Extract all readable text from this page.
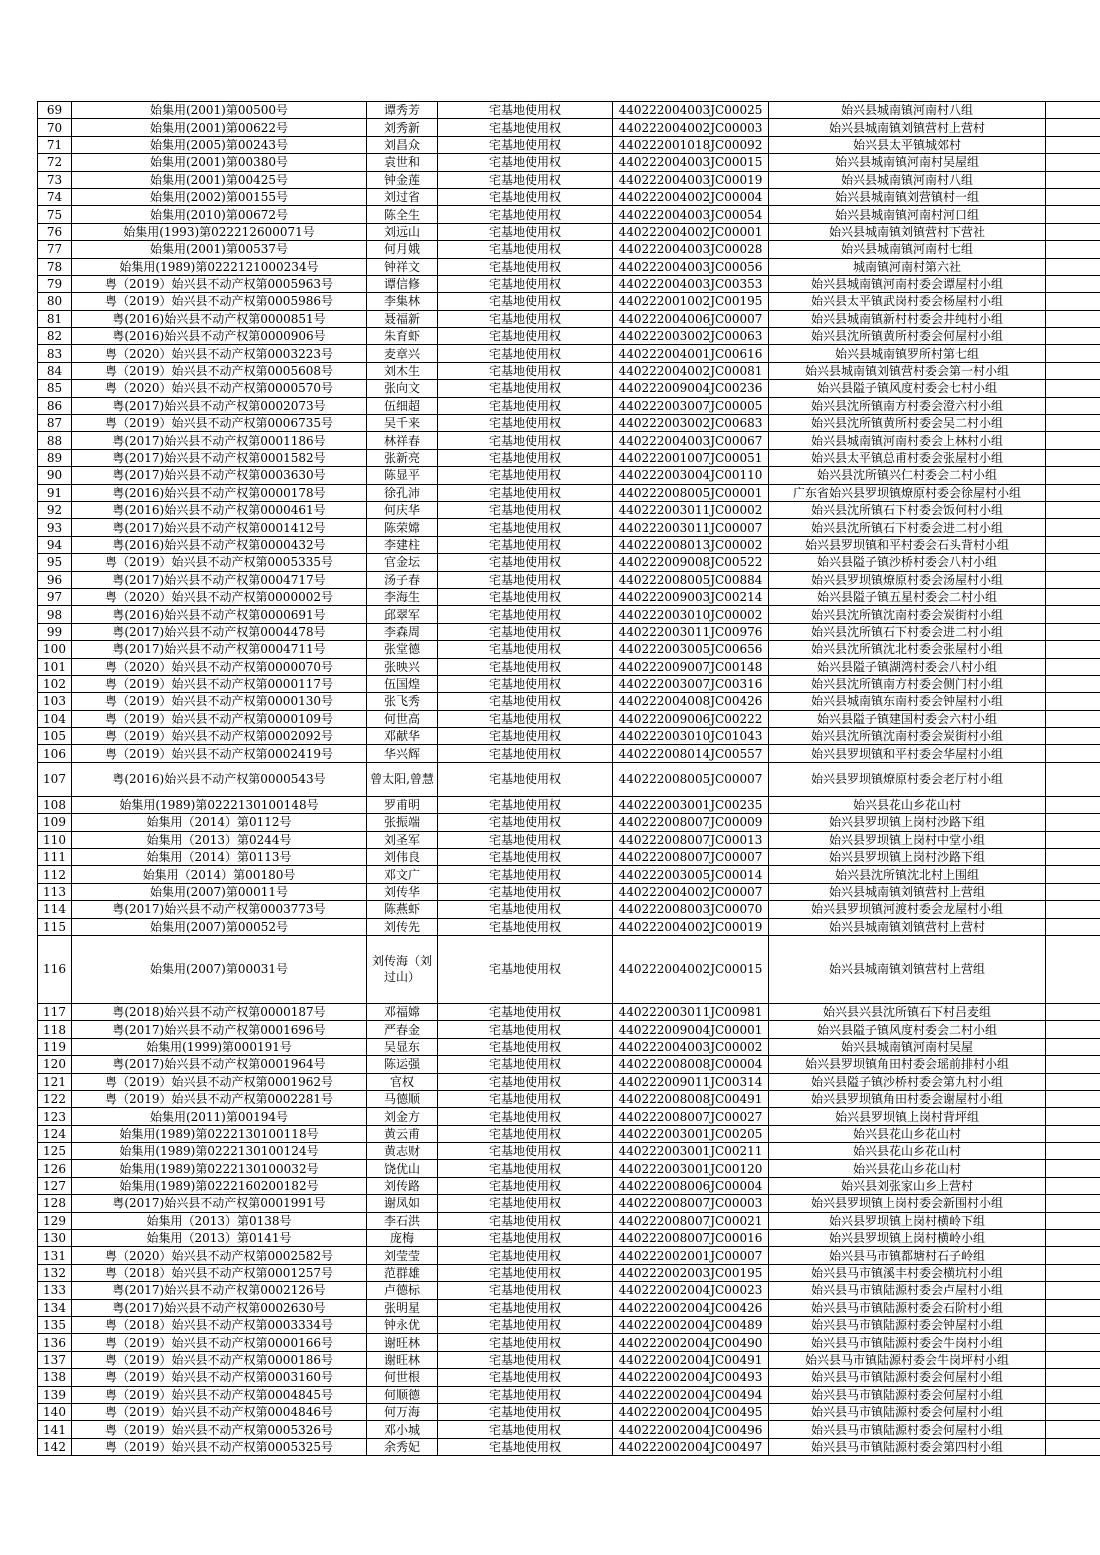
69	始集用(2001)第00500号	谭秀芳	宅基地使用权	440222004003JC00025	始兴县城南镇河南村八组	
70	始集用(2001)第00622号	刘秀新	宅基地使用权	440222004002JC00003	始兴县城南镇刘镇营村上营村	
71	始集用(2005)第00243号	刘昌众	宅基地使用权	440222001018JC00092	始兴县太平镇城郊村	
72	始集用(2001)第00380号	袁世和	宅基地使用权	440222004003JC00015	始兴县城南镇河南村吴屋组	
73	始集用(2001)第00425号	钟金莲	宅基地使用权	440222004003JC00019	始兴县城南镇河南村八组	
74	始集用(2002)第00155号	刘过省	宅基地使用权	440222004002JC00004	始兴县城南镇刘营镇村一组	
75	始集用(2010)第00672号	陈全生	宅基地使用权	440222004003JC00054	始兴县城南镇河南村河口组	
76	始集用(1993)第022212600071号	刘远山	宅基地使用权	440222004002JC00001	始兴县城南镇刘镇营村下营社	
77	始集用(2001)第00537号	何月娥	宅基地使用权	440222004003JC00028	始兴县城南镇河南村七组	
78	始集用(1989)第0222121000234号	钟祥文	宅基地使用权	440222004003JC00056	城南镇河南村第六社	
79	粤（2019）始兴县不动产权第0005963号	谭信修	宅基地使用权	440222004003JC00353	始兴县城南镇河南村委会谭屋村小组	
80	粤（2019）始兴县不动产权第0005986号	李集林	宅基地使用权	440222001002JC00195	始兴县太平镇武岗村委会杨屋村小组	
81	粤(2016)始兴县不动产权第0000851号	聂福新	宅基地使用权	440222004006JC00007	始兴县城南镇新村村委会井纯村小组	
82	粤(2016)始兴县不动产权第0000906号	朱育虾	宅基地使用权	440222003002JC00063	始兴县沈所镇黄所村委会何屋村小组	
83	粤（2020）始兴县不动产权第0003223号	麦章兴	宅基地使用权	440222004001JC00616	始兴县城南镇罗所村第七组	
84	粤（2019）始兴县不动产权第0005608号	刘木生	宅基地使用权	440222004002JC00081	始兴县城南镇刘镇营村委会第一村小组	
85	粤（2020）始兴县不动产权第0000570号	张向文	宅基地使用权	440222009004JC00236	始兴县隘子镇风度村委会七村小组	
86	粤(2017)始兴县不动产权第0002073号	伍细超	宅基地使用权	440222003007JC00005	始兴县沈所镇南方村委会澄六村小组	
87	粤（2019）始兴县不动产权第0006735号	吴千来	宅基地使用权	440222003002JC00683	始兴县沈所镇黄所村委会吴二村小组	
88	粤(2017)始兴县不动产权第0001186号	林祥春	宅基地使用权	440222004003JC00067	始兴县城南镇河南村委会上林村小组	
89	粤(2017)始兴县不动产权第0001582号	张新亮	宅基地使用权	440222001007JC00051	始兴县太平镇总甫村委会张屋村小组	
90	粤(2017)始兴县不动产权第0003630号	陈显平	宅基地使用权	440222003004JC00110	始兴县沈所镇兴仁村委会二村小组	
91	粤(2016)始兴县不动产权第0000178号	徐孔沛	宅基地使用权	440222008005JC00001	广东省始兴县罗坝镇燎原村委会徐屋村小组	
92	粤(2016)始兴县不动产权第0000461号	何庆华	宅基地使用权	440222003011JC00002	始兴县沈所镇石下村委会饭何村小组	
93	粤(2017)始兴县不动产权第0001412号	陈荣嫦	宅基地使用权	440222003011JC00007	始兴县沈所镇石下村委会进二村小组	
94	粤(2016)始兴县不动产权第0000432号	李建柱	宅基地使用权	440222008013JC00002	始兴县罗坝镇和平村委会石头背村小组	
95	粤（2019）始兴县不动产权第0005335号	官金坛	宅基地使用权	440222009008JC00522	始兴县隘子镇沙桥村委会八村小组	
96	粤(2017)始兴县不动产权第0004717号	汤子春	宅基地使用权	440222008005JC00884	始兴县罗坝镇燎原村委会汤屋村小组	
97	粤（2020）始兴县不动产权第0000002号	李海生	宅基地使用权	440222009003JC00214	始兴县隘子镇五星村委会二村小组	
98	粤(2016)始兴县不动产权第0000691号	邱翠军	宅基地使用权	440222003010JC00002	始兴县沈所镇沈南村委会炭街村小组	
99	粤(2017)始兴县不动产权第0004478号	李森周	宅基地使用权	440222003011JC00976	始兴县沈所镇石下村委会进二村小组	
100	粤(2017)始兴县不动产权第0004711号	张堂德	宅基地使用权	440222003005JC00656	始兴县沈所镇沈北村委会张屋村小组	
101	粤（2020）始兴县不动产权第0000070号	张映兴	宅基地使用权	440222009007JC00148	始兴县隘子镇湖湾村委会八村小组	
102	粤（2019）始兴县不动产权第0000117号	伍国煌	宅基地使用权	440222003007JC00316	始兴县沈所镇南方村委会侧门村小组	
103	粤（2019）始兴县不动产权第0000130号	张飞秀	宅基地使用权	440222004008JC00426	始兴县城南镇东南村委会钟屋村小组	
104	粤（2019）始兴县不动产权第0000109号	何世高	宅基地使用权	440222009006JC00222	始兴县隘子镇建国村委会六村小组	
105	粤（2019）始兴县不动产权第0002092号	邓献华	宅基地使用权	440222003010JC01043	始兴县沈所镇沈南村委会炭街村小组	
106	粤（2019）始兴县不动产权第0002419号	华兴辉	宅基地使用权	440222008014JC00557	始兴县罗坝镇和平村委会华屋村小组	
107	粤(2016)始兴县不动产权第0000543号	曾太阳,曾慧	宅基地使用权	440222008005JC00007	始兴县罗坝镇燎原村委会老厅村小组	
108	始集用(1989)第0222130100148号	罗甫明	宅基地使用权	440222003001JC00235	始兴县花山乡花山村	
109	始集用（2014）第0112号	张振端	宅基地使用权	440222008007JC00009	始兴县罗坝镇上岗村沙路下组	
110	始集用（2013）第0244号	刘圣军	宅基地使用权	440222008007JC00013	始兴县罗坝镇上岗村中堂小组	
111	始集用（2014）第0113号	刘伟良	宅基地使用权	440222008007JC00007	始兴县罗坝镇上岗村沙路下组	
112	始集用（2014）第00180号	邓文广	宅基地使用权	440222003005JC00014	始兴县沈所镇沈北村上围组	
113	始集用(2007)第00011号	刘传华	宅基地使用权	440222004002JC00007	始兴县城南镇刘镇营村上营组	
114	粤(2017)始兴县不动产权第0003773号	陈燕虾	宅基地使用权	440222008003JC00070	始兴县罗坝镇河渡村委会龙屋村小组	
115	始集用(2007)第00052号	刘传先	宅基地使用权	440222004002JC00019	始兴县城南镇刘镇营村上营村	
116	始集用(2007)第00031号	刘传海（刘过山）	宅基地使用权	440222004002JC00015	始兴县城南镇刘镇营村上营组	
117	粤(2018)始兴县不动产权第0000187号	邓福嫦	宅基地使用权	440222003011JC00981	始兴县兴县沈所镇石下村吕麦组	
118	粤(2017)始兴县不动产权第0001696号	严春金	宅基地使用权	440222009004JC00001	始兴县隘子镇风度村委会二村小组	
119	始集用(1999)第000191号	吴显东	宅基地使用权	440222004003JC00002	始兴县城南镇河南村吴屋	
120	粤(2017)始兴县不动产权第0001964号	陈运强	宅基地使用权	440222008008JC00004	始兴县罗坝镇角田村委会瑶前排村小组	
121	粤（2019）始兴县不动产权第0001962号	官权	宅基地使用权	440222009011JC00314	始兴县隘子镇沙桥村委会第九村小组	
122	粤（2019）始兴县不动产权第0002281号	马德顺	宅基地使用权	440222008008JC00491	始兴县罗坝镇角田村委会谢屋村小组	
123	始集用(2011)第00194号	刘金方	宅基地使用权	440222008007JC00027	始兴县罗坝镇上岗村背坪组	
124	始集用(1989)第0222130100118号	黄云甫	宅基地使用权	440222003001JC00205	始兴县花山乡花山村	
125	始集用(1989)第0222130100124号	黄志财	宅基地使用权	440222003001JC00211	始兴县花山乡花山村	
126	始集用(1989)第0222130100032号	饶优山	宅基地使用权	440222003001JC00120	始兴县花山乡花山村	
127	始集用(1989)第0222160200182号	刘传路	宅基地使用权	440222008006JC00004	始兴县刘张家山乡上营村	
128	粤(2017)始兴县不动产权第0001991号	谢凤如	宅基地使用权	440222008007JC00003	始兴县罗坝镇上岗村委会新围村小组	
129	始集用（2013）第0138号	李石洪	宅基地使用权	440222008007JC00021	始兴县罗坝镇上岗村横岭下组	
130	始集用（2013）第0141号	庞梅	宅基地使用权	440222008007JC00016	始兴县罗坝镇上岗村横岭小组	
131	粤（2020）始兴县不动产权第0002582号	刘莹莹	宅基地使用权	440222002001JC00007	始兴县马市镇都塘村石子岭组	
132	粤（2018）始兴县不动产权第0001257号	范群雄	宅基地使用权	440222002003JC00195	始兴县马市镇溪丰村委会横坑村小组	
133	粤(2017)始兴县不动产权第0002126号	卢德标	宅基地使用权	440222002004JC00023	始兴县马市镇陆源村委会卢屋村小组	
134	粤(2017)始兴县不动产权第0002630号	张明星	宅基地使用权	440222002004JC00426	始兴县马市镇陆源村委会石阶村小组	
135	粤（2018）始兴县不动产权第0003334号	钟永优	宅基地使用权	440222002004JC00489	始兴县马市镇陆源村委会钟屋村小组	
136	粤（2019）始兴县不动产权第0000166号	谢旺林	宅基地使用权	440222002004JC00490	始兴县马市镇陆源村委会牛岗村小组	
137	粤（2019）始兴县不动产权第0000186号	谢旺林	宅基地使用权	440222002004JC00491	始兴县马市镇陆源村委会牛岗坪村小组	
138	粤（2019）始兴县不动产权第0003160号	何世根	宅基地使用权	440222002004JC00493	始兴县马市镇陆源村委会何屋村小组	
139	粤（2019）始兴县不动产权第0004845号	何顺德	宅基地使用权	440222002004JC00494	始兴县马市镇陆源村委会何屋村小组	
140	粤（2019）始兴县不动产权第0004846号	何万海	宅基地使用权	440222002004JC00495	始兴县马市镇陆源村委会何屋村小组	
141	粤（2019）始兴县不动产权第0005326号	邓小城	宅基地使用权	440222002004JC00496	始兴县马市镇陆源村委会何屋村小组	
142	粤（2019）始兴县不动产权第0005325号	余秀妃	宅基地使用权	440222002004JC00497	始兴县马市镇陆源村委会第四村小组	
